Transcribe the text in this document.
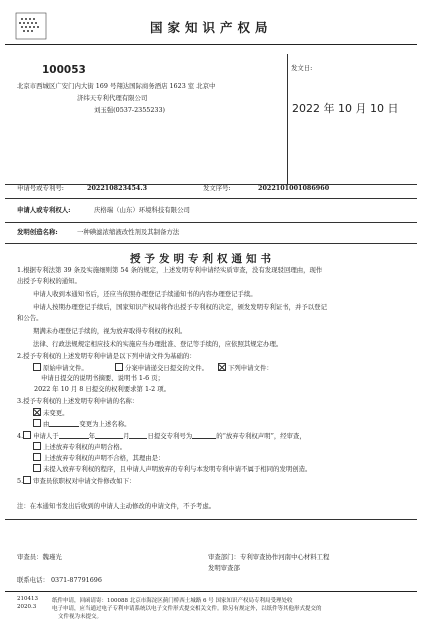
国家知识产权局
100053
北京市西城区广安门内大街 169 号翔达国际商务酒店 1623 室 北京中
济纬天专利代理有限公司
刘玉强(0537-2355233)
发文日:
2022 年 10 月 10 日
申请号或专利号:	202210823454.3	发文序号:	2022101001086960
申请人或专利权人:	庆格瑞（山东）环境科技有限公司
发明创造名称:	一种碘滤浓缩液改性剂及其制备方法
授予发明专利权通知书
1.根据专利法第 39 条及实施细则第 54 条的规定，上述发明专利申请经实质审查，没有发现驳回理由，现作
出授予专利权的通知。
申请人收到本通知书后，还应当依照办理登记手续通知书的内容办理登记手续。
申请人按期办理登记手续后，国家知识产权局将作出授予专利权的决定，颁发发明专利证书，并予以登记
和公告。
期满未办理登记手续的，视为放弃取得专利权的权利。
法律、行政法规规定相应技术的实施应当办理批准、登记等手续的，应依照其规定办理。
2.授予专利权的上述发明专利申请是以下列申请文件为基础的：
原始申请文件。	分案申请递交日提交的文件。	下列申请文件：
申请日提交的说明书摘要、说明书 1-6 页；
2022 年 10 月 8 日提交的权利要求第 1-2 项。
3.授予专利权的上述发明专利申请的名称：
未变更。
由	变更为上述名称。
4. 申请人于	年	月	日提交专利号为	的“放弃专利权声明”，经审查，
上述放弃专利权的声明合格。
上述放弃专利权的声明不合格，其理由是：
未提入放弃专利权的程序，且申请人声明放弃的专利与本发明专利申请不属于相同的发明创造。
5. 审查员依职权对申请文件修改如下：
注：在本通知书发出后收到的申请人主动修改的申请文件，不予考虑。
审查员：魏瑾光	审查部门：专利审查协作河南中心材料工程
发明审查部
联系电话： 0371-87791696
210413
2020.3
纸件申请，回函请寄：100088 北京市海淀区蓟门桥西土城路 6 号 国家知识产权局专利局受理处收
电子申请，应当通过电子专利申请系统以电子文件形式提交相关文件。除另有规定外，以纸件等其他形式提交的
文件视为未提交。
